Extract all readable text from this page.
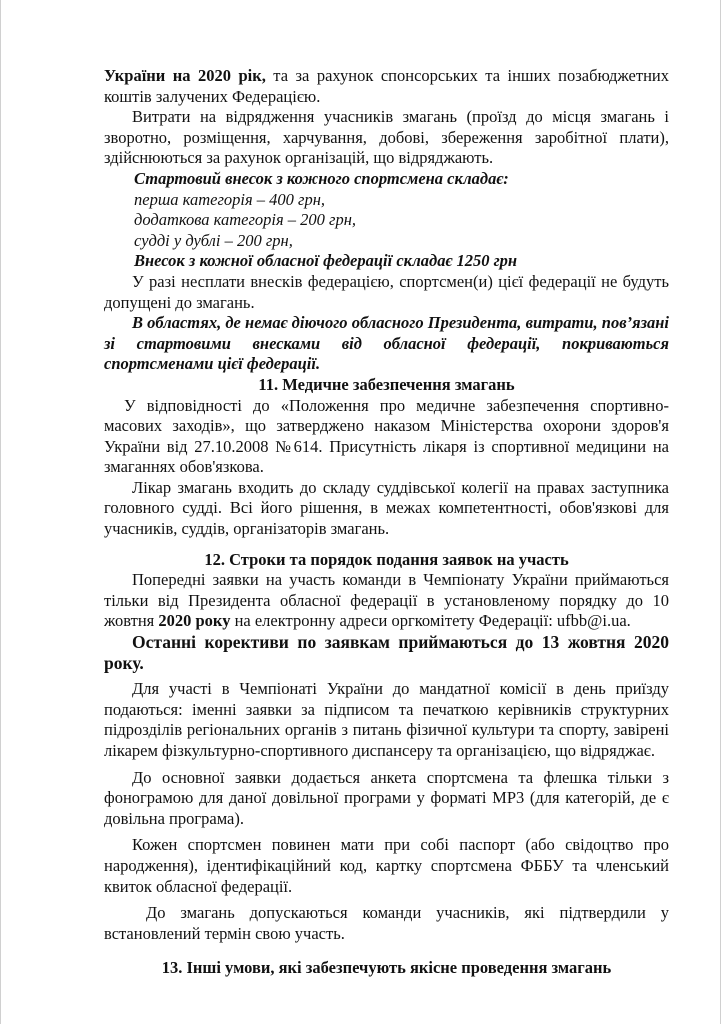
України на 2020 рік, та за рахунок спонсорських та інших позабюджетних коштів залучених Федерацією.

Витрати на відрядження учасників змагань (проїзд до місця змагань і зворотно, розміщення, харчування, добові, збереження заробітної плати), здійснюються за рахунок організацій, що відряджають.

Стартовий внесок з кожного спортсмена складає:

перша категорія – 400 грн,

додаткова категорія – 200 грн,

судді у дублі – 200 грн,

Внесок з кожної обласної федерації складає 1250 грн

У разі несплати внесків федерацією, спортсмен(и) цієї федерації не будуть допущені до змагань.

В областях, де немає діючого обласного Президента, витрати, пов’язані зі стартовими внесками від обласної федерації, покриваються спортсменами цієї федерації.

11. Медичне забезпечення змагань

У відповідності до «Положення про медичне забезпечення спортивно-масових заходів», що затверджено наказом Міністерства охорони здоров'я України від 27.10.2008 №614. Присутність лікаря із спортивної медицини на змаганнях обов'язкова.

Лікар змагань входить до складу суддівської колегії на правах заступника головного судді. Всі його рішення, в межах компетентності, обов'язкові для учасників, суддів, організаторів змагань.

12. Строки та порядок подання заявок на участь

Попередні заявки на участь команди в Чемпіонату України приймаються тільки від Президента обласної федерації в установленому порядку до 10 жовтня 2020 року на електронну адреси оргкомітету Федерації: ufbb@i.ua.

Останні корективи по заявкам приймаються до 13 жовтня 2020 року.

Для участі в Чемпіонаті України до мандатної комісії в день приїзду подаються: іменні заявки за підписом та печаткою керівників структурних підрозділів регіональних органів з питань фізичної культури та спорту, завірені лікарем фізкультурно-спортивного диспансеру та організацією, що відряджає.

До основної заявки додається анкета спортсмена та флешка тільки з фонограмою для даної довільної програми у форматі МР3 (для категорій, де є довільна програма).

Кожен спортсмен повинен мати при собі паспорт (або свідоцтво про народження), ідентифікаційний код, картку спортсмена ФББУ та членський квиток обласної федерації.

До змагань допускаються команди учасників, які підтвердили у встановлений термін свою участь.

13. Інші умови, які забезпечують якісне проведення змагань
